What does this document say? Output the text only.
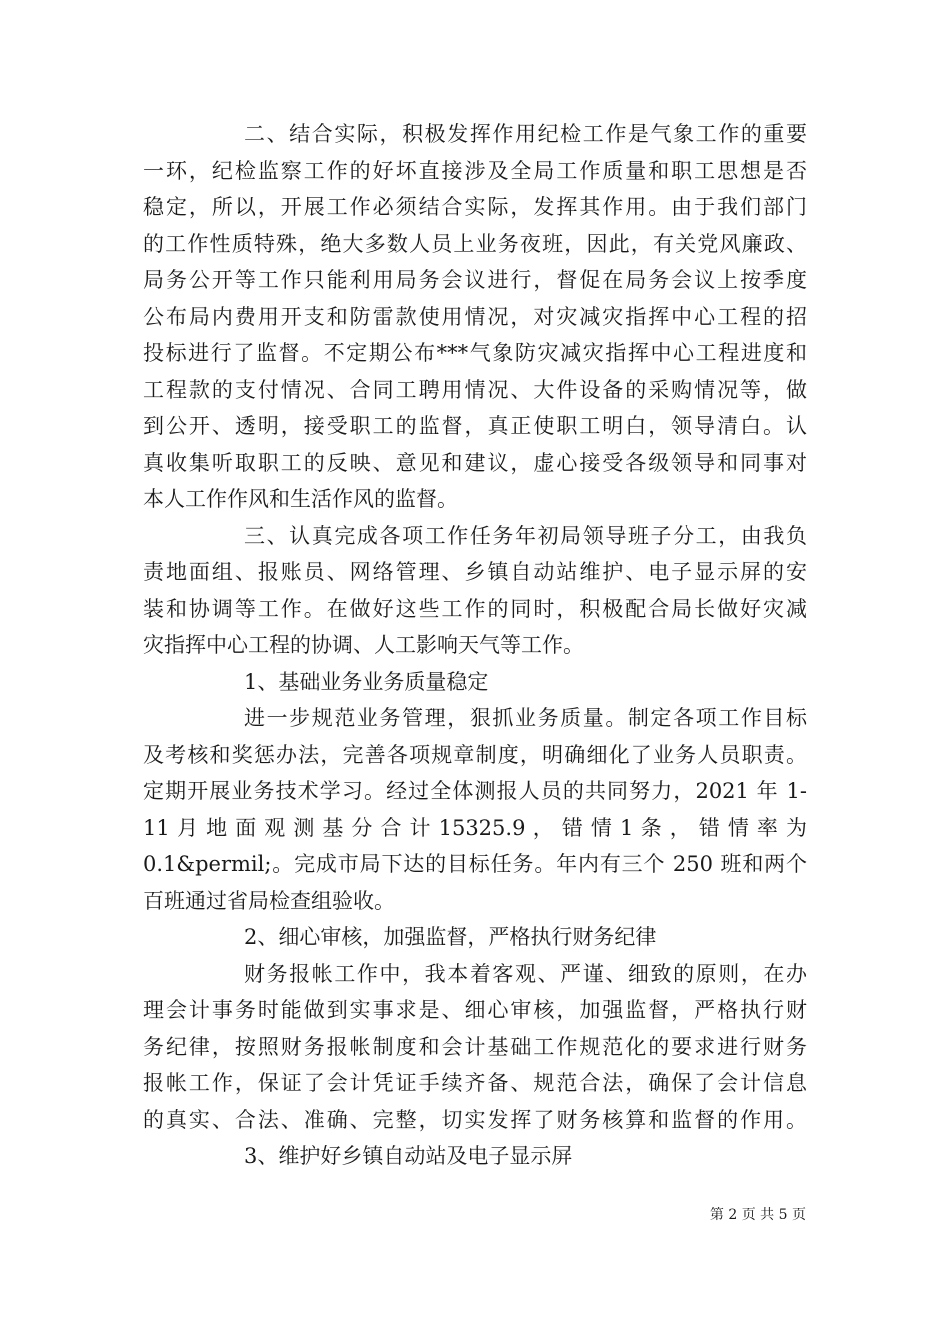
二、结合实际，积极发挥作用纪检工作是气象工作的重要
一环，纪检监察工作的好坏直接涉及全局工作质量和职工思想是否
稳定，所以，开展工作必须结合实际，发挥其作用。由于我们部门
的工作性质特殊，绝大多数人员上业务夜班，因此，有关党风廉政、
局务公开等工作只能利用局务会议进行，督促在局务会议上按季度
公布局内费用开支和防雷款使用情况，对灾减灾指挥中心工程的招
投标进行了监督。不定期公布***气象防灾减灾指挥中心工程进度和
工程款的支付情况、合同工聘用情况、大件设备的采购情况等，做
到公开、透明，接受职工的监督，真正使职工明白，领导清白。认
真收集听取职工的反映、意见和建议，虚心接受各级领导和同事对
本人工作作风和生活作风的监督。
三、认真完成各项工作任务年初局领导班子分工，由我负
责地面组、报账员、网络管理、乡镇自动站维护、电子显示屏的安
装和协调等工作。在做好这些工作的同时，积极配合局长做好灾减
灾指挥中心工程的协调、人工影响天气等工作。
1、基础业务业务质量稳定
进一步规范业务管理，狠抓业务质量。制定各项工作目标
及考核和奖惩办法，完善各项规章制度，明确细化了业务人员职责。
定期开展业务技术学习。经过全体测报人员的共同努力，2021 年 1-
11 月 地 面 观 测 基 分 合 计 15325.9 ， 错 情 1 条 ， 错 情 率 为
0.1&permil;。完成市局下达的目标任务。年内有三个 250 班和两个
百班通过省局检查组验收。
2、细心审核，加强监督，严格执行财务纪律
财务报帐工作中，我本着客观、严谨、细致的原则，在办
理会计事务时能做到实事求是、细心审核，加强监督，严格执行财
务纪律，按照财务报帐制度和会计基础工作规范化的要求进行财务
报帐工作，保证了会计凭证手续齐备、规范合法，确保了会计信息
的真实、合法、准确、完整，切实发挥了财务核算和监督的作用。
3、维护好乡镇自动站及电子显示屏
第 2 页 共 5 页
